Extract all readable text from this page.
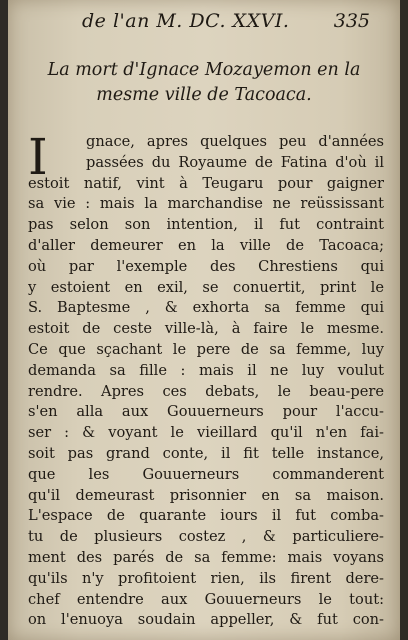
de l'an M. DC. XXVI. 335
La mort d'Ignace Mozayemon en la
mesme ville de Tacoaca.
I	gnace, apres quelques peu d'années
passées du Royaume de Fatina d'où il
estoit natif, vint à Teugaru pour gaigner
sa vie : mais la marchandise ne reüssissant
pas selon son intention, il fut contraint
d'aller demeurer en la ville de Tacoaca;
où par l'exemple des Chrestiens qui
y estoient en exil, se conuertit, print le
S. Baptesme , & exhorta sa femme qui
estoit de ceste ville-là, à faire le mesme.
Ce que sçachant le pere de sa femme, luy
demanda sa fille : mais il ne luy voulut
rendre. Apres ces debats, le beau-pere
s'en alla aux Gouuerneurs pour l'accu-
ser : & voyant le vieillard qu'il n'en fai-
soit pas grand conte, il fit telle instance,
que les Gouuerneurs commanderent
qu'il demeurast prisonnier en sa maison.
L'espace de quarante iours il fut comba-
tu de plusieurs costez , & particuliere-
ment des parés de sa femme: mais voyans
qu'ils n'y profitoient rien, ils firent dere-
chef entendre aux Gouuerneurs le tout:
on l'enuoya soudain appeller, & fut con-
